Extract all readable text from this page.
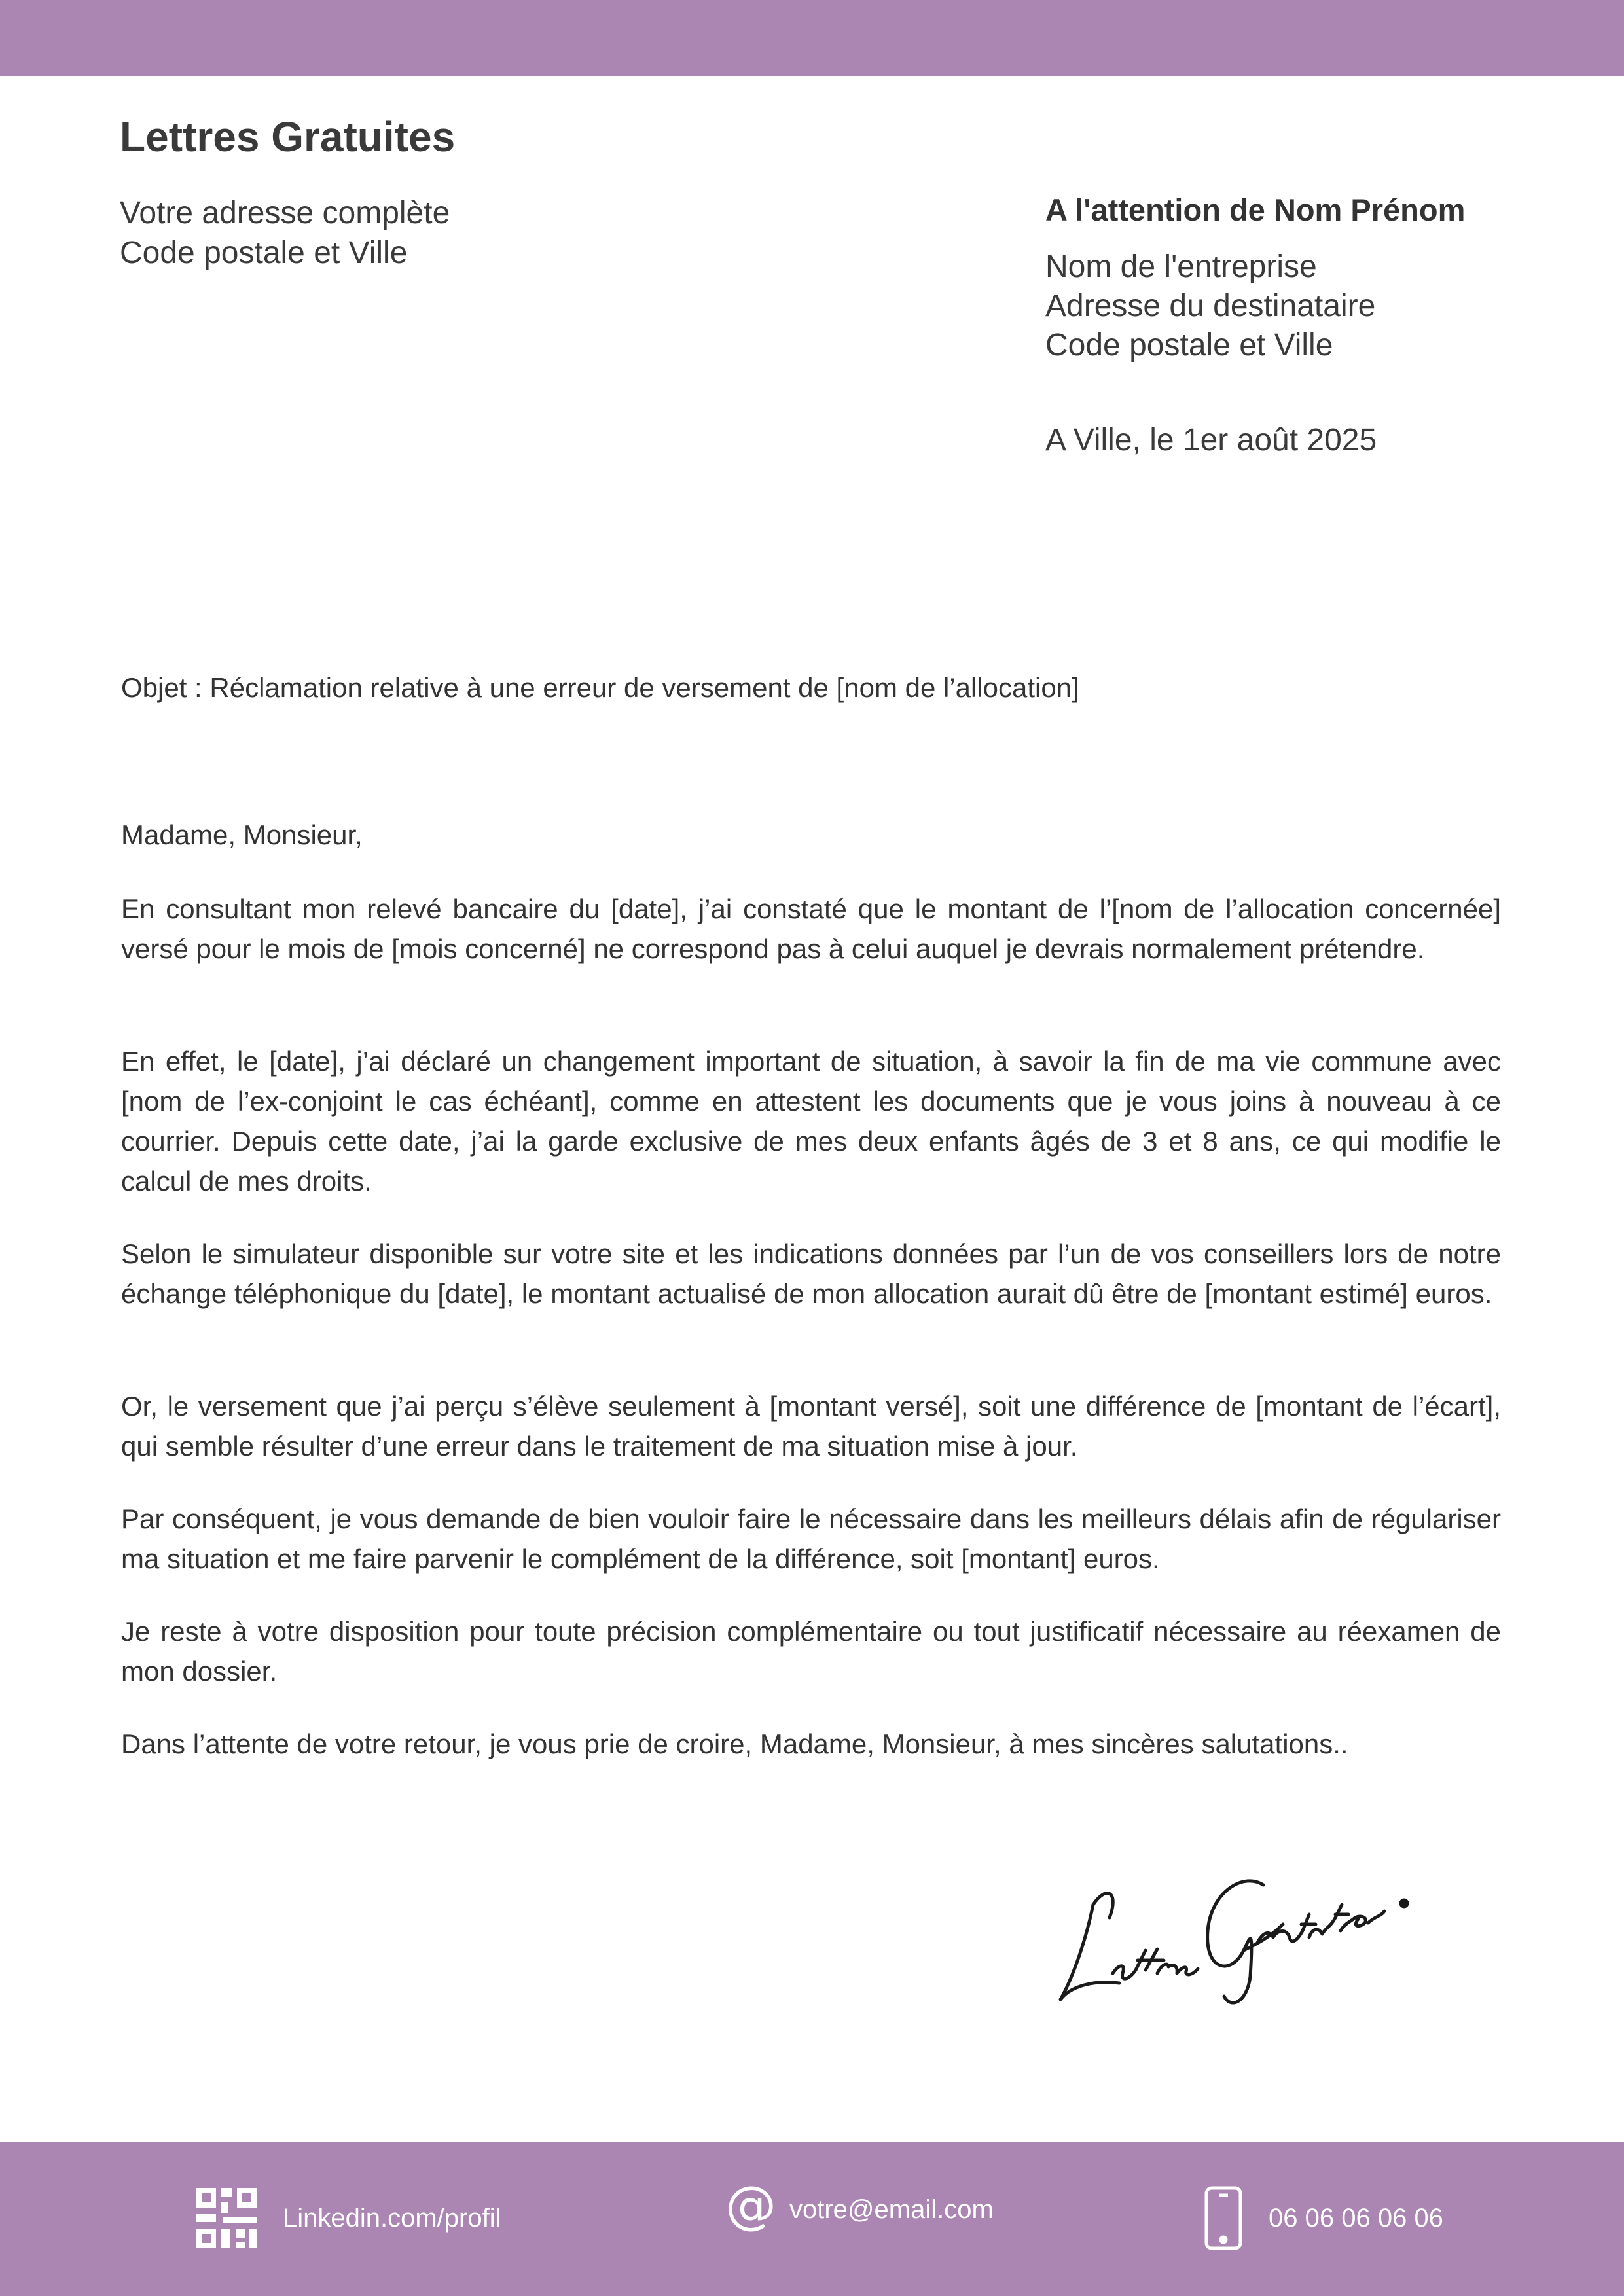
Lettres Gratuites
Votre adresse complète
Code postale et Ville
A l'attention de Nom Prénom
Nom de l'entreprise
Adresse du destinataire
Code postale et Ville
A Ville, le 1er août 2025
Objet : Réclamation relative à une erreur de versement de [nom de l’allocation]
Madame, Monsieur,
En consultant mon relevé bancaire du [date], j’ai constaté que le montant de l’[nom de l’allocation concernée] versé pour le mois de [mois concerné] ne correspond pas à celui auquel je devrais normalement prétendre.
En effet, le [date], j’ai déclaré un changement important de situation, à savoir la fin de ma vie commune avec [nom de l’ex-conjoint le cas échéant], comme en attestent les documents que je vous joins à nouveau à ce courrier. Depuis cette date, j’ai la garde exclusive de mes deux enfants âgés de 3 et 8 ans, ce qui modifie le calcul de mes droits.
Selon le simulateur disponible sur votre site et les indications données par l’un de vos conseillers lors de notre échange téléphonique du [date], le montant actualisé de mon allocation aurait dû être de [montant estimé] euros.
Or, le versement que j’ai perçu s’élève seulement à [montant versé], soit une différence de [montant de l’écart], qui semble résulter d’une erreur dans le traitement de ma situation mise à jour.
Par conséquent, je vous demande de bien vouloir faire le nécessaire dans les meilleurs délais afin de régulariser ma situation et me faire parvenir le complément de la différence, soit [montant] euros.
Je reste à votre disposition pour toute précision complémentaire ou tout justificatif nécessaire au réexamen de mon dossier.
Dans l’attente de votre retour, je vous prie de croire, Madame, Monsieur, à mes sincères salutations..
Linkedin.com/profil	@ votre@email.com	06 06 06 06 06
